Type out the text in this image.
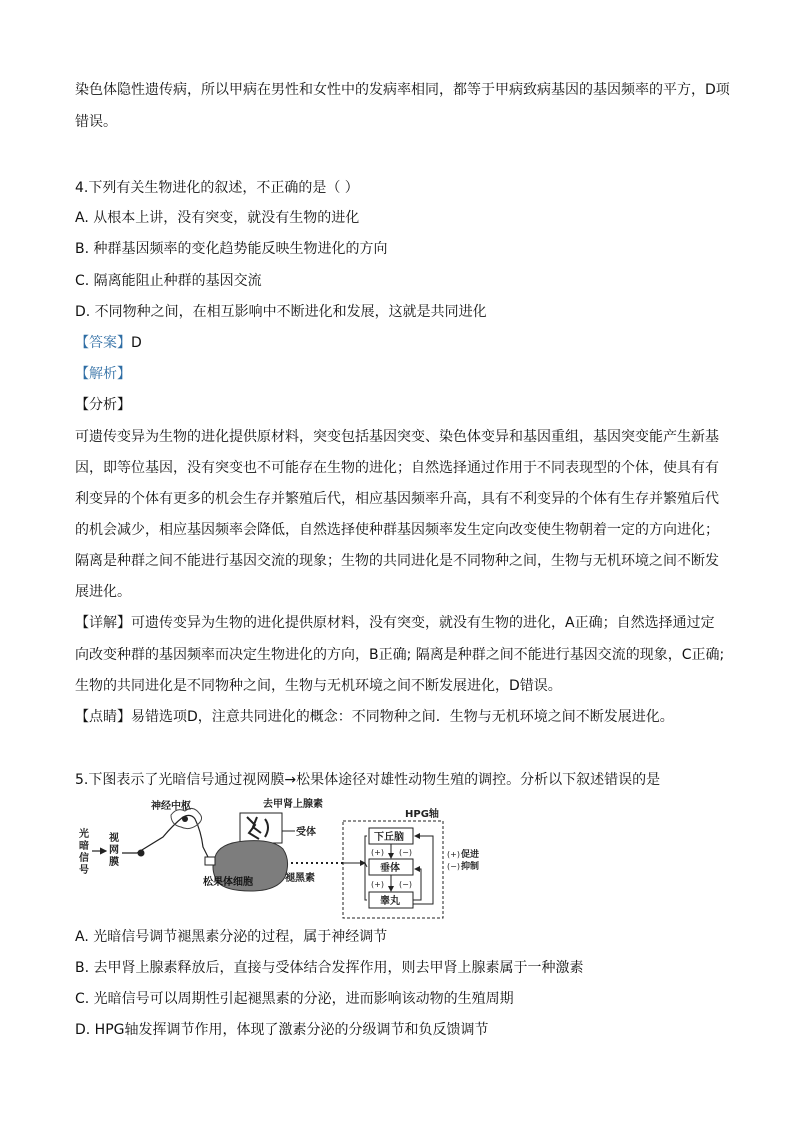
染色体隐性遗传病，所以甲病在男性和女性中的发病率相同，都等于甲病致病基因的基因频率的平方，D项
错误。
4.下列有关生物进化的叙述，不正确的是（ ）
A. 从根本上讲，没有突变，就没有生物的进化
B. 种群基因频率的变化趋势能反映生物进化的方向
C. 隔离能阻止种群的基因交流
D. 不同物种之间，在相互影响中不断进化和发展，这就是共同进化
【答案】D
【解析】
【分析】
可遗传变异为生物的进化提供原材料，突变包括基因突变、染色体变异和基因重组，基因突变能产生新基
因，即等位基因，没有突变也不可能存在生物的进化；自然选择通过作用于不同表现型的个体，使具有有
利变异的个体有更多的机会生存并繁殖后代，相应基因频率升高，具有不利变异的个体有生存并繁殖后代
的机会减少，相应基因频率会降低，自然选择使种群基因频率发生定向改变使生物朝着一定的方向进化；
隔离是种群之间不能进行基因交流的现象；生物的共同进化是不同物种之间，生物与无机环境之间不断发
展进化。
【详解】可遗传变异为生物的进化提供原材料，没有突变，就没有生物的进化，A正确；自然选择通过定
向改变种群的基因频率而决定生物进化的方向，B正确; 隔离是种群之间不能进行基因交流的现象，C正确;
生物的共同进化是不同物种之间，生物与无机环境之间不断发展进化，D错误。
【点睛】易错选项D，注意共同进化的概念：不同物种之间．生物与无机环境之间不断发展进化。
5.下图表示了光暗信号通过视网膜→松果体途径对雄性动物生殖的调控。分析以下叙述错误的是
光
暗
信
号
视
网
膜
神经中枢	去甲肾上腺素
受体
松果体细胞	褪黑素
HPG轴
下丘脑
垂体
睾丸
(+)
(+)
(−)
(−)
(+) 促进
(−) 抑制
A. 光暗信号调节褪黑素分泌的过程，属于神经调节
B. 去甲肾上腺素释放后，直接与受体结合发挥作用，则去甲肾上腺素属于一种激素
C. 光暗信号可以周期性引起褪黑素的分泌，进而影响该动物的生殖周期
D. HPG轴发挥调节作用，体现了激素分泌的分级调节和负反馈调节
